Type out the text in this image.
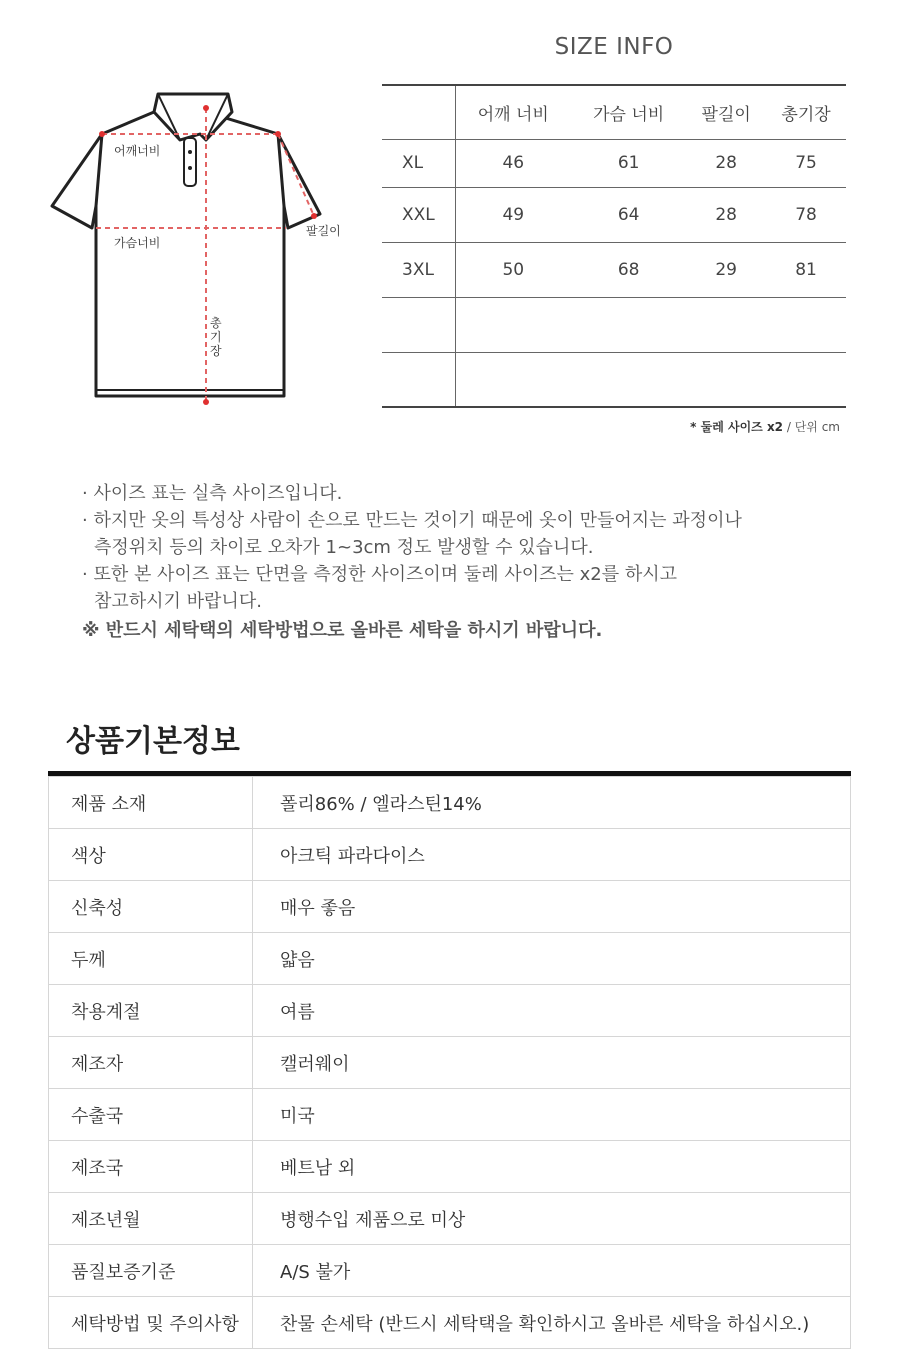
어깨너비
가슴너비
팔길이
총기장
SIZE INFO
	어깨 너비	가슴 너비	팔길이	총기장
XL	46	61	28	75
XXL	49	64	28	78
3XL	50	68	29	81

* 둘레 사이즈 x2 / 단위 cm
· 사이즈 표는 실측 사이즈입니다.
· 하지만 옷의 특성상 사람이 손으로 만드는 것이기 때문에 옷이 만들어지는 과정이나
측정위치 등의 차이로 오차가 1~3cm 정도 발생할 수 있습니다.
· 또한 본 사이즈 표는 단면을 측정한 사이즈이며 둘레 사이즈는 x2를 하시고
참고하시기 바랍니다.
※ 반드시 세탁택의 세탁방법으로 올바른 세탁을 하시기 바랍니다.
상품기본정보
제품 소재	폴리86% / 엘라스틴14%
색상	아크틱 파라다이스
신축성	매우 좋음
두께	얇음
착용계절	여름
제조자	캘러웨이
수출국	미국
제조국	베트남 외
제조년월	병행수입 제품으로 미상
품질보증기준	A/S 불가
세탁방법 및 주의사항	찬물 손세탁 (반드시 세탁택을 확인하시고 올바른 세탁을 하십시오.)
